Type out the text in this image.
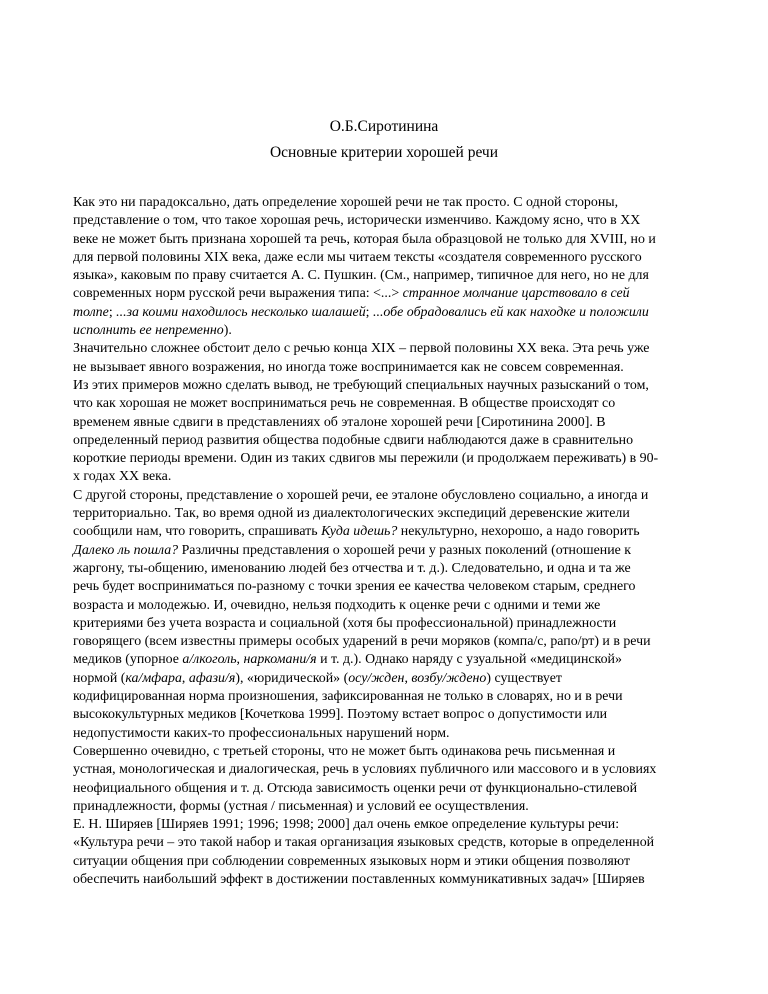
О.Б.Сиротинина
Основные критерии хорошей речи

Как это ни парадоксально, дать определение хорошей речи не так просто. С одной стороны,
представление о том, что такое хорошая речь, исторически изменчиво. Каждому ясно, что в XX
веке не может быть признана хорошей та речь, которая была образцовой не только для XVIII, но и
для первой половины XIX века, даже если мы читаем тексты «создателя современного русского
языка», каковым по праву считается А. С. Пушкин. (См., например, типичное для него, но не для
современных норм русской речи выражения типа: <...> странное молчание царствовало в сей
толпе; ...за коими находилось несколько шалашей; ...обе обрадовались ей как находке и положили
исполнить ее непременно).

Значительно сложнее обстоит дело с речью конца XIX – первой половины XX века. Эта речь уже
не вызывает явного возражения, но иногда тоже воспринимается как не совсем современная.

Из этих примеров можно сделать вывод, не требующий специальных научных разысканий о том,
что как хорошая не может восприниматься речь не современная. В обществе происходят со
временем явные сдвиги в представлениях об эталоне хорошей речи [Сиротинина 2000]. В
определенный период развития общества подобные сдвиги наблюдаются даже в сравнительно
короткие периоды времени. Один из таких сдвигов мы пережили (и продолжаем переживать) в 90-
х годах XX века.

С другой стороны, представление о хорошей речи, ее эталоне обусловлено социально, а иногда и
территориально. Так, во время одной из диалектологических экспедиций деревенские жители
сообщили нам, что говорить, спрашивать Куда идешь? некультурно, нехорошо, а надо говорить
Далеко ль пошла? Различны представления о хорошей речи у разных поколений (отношение к
жаргону, ты-общению, именованию людей без отчества и т. д.). Следовательно, и одна и та же
речь будет восприниматься по-разному с точки зрения ее качества человеком старым, среднего
возраста и молодежью. И, очевидно, нельзя подходить к оценке речи с одними и теми же
критериями без учета возраста и социальной (хотя бы профессиональной) принадлежности
говорящего (всем известны примеры особых ударений в речи моряков (компа/с, рапо/рт) и в речи
медиков (упорное а/лкоголь, наркомани/я и т. д.). Однако наряду с узуальной «медицинской»
нормой (ка/мфара, афази/я), «юридической» (осу/жден, возбу/ждено) существует
кодифицированная норма произношения, зафиксированная не только в словарях, но и в речи
высококультурных медиков [Кочеткова 1999]. Поэтому встает вопрос о допустимости или
недопустимости каких-то профессиональных нарушений норм.

Совершенно очевидно, с третьей стороны, что не может быть одинакова речь письменная и
устная, монологическая и диалогическая, речь в условиях публичного или массового и в условиях
неофициального общения и т. д. Отсюда зависимость оценки речи от функционально-стилевой
принадлежности, формы (устная / письменная) и условий ее осуществления.

Е. Н. Ширяев [Ширяев 1991; 1996; 1998; 2000] дал очень емкое определение культуры речи:
«Культура речи – это такой набор и такая организация языковых средств, которые в определенной
ситуации общения при соблюдении современных языковых норм и этики общения позволяют
обеспечить наибольший эффект в достижении поставленных коммуникативных задач» [Ширяев
